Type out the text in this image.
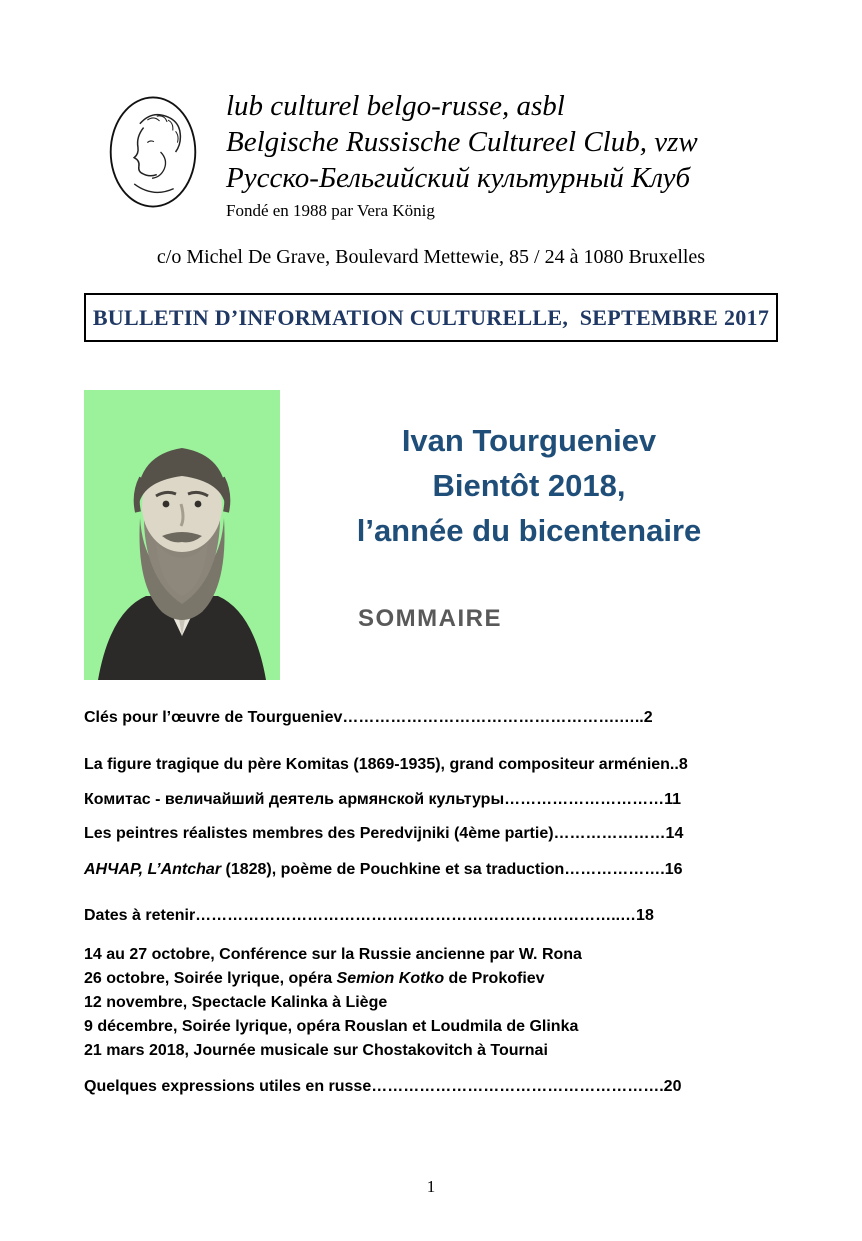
lub culturel belgo-russe, asbl
Belgische Russische Cultureel Club, vzw
Русско-Бельгийский культурный Клуб
Fondé en 1988 par Vera König
c/o Michel De Grave, Boulevard Mettewie, 85 / 24 à 1080 Bruxelles
BULLETIN D’INFORMATION CULTURELLE,  SEPTEMBRE 2017
Ivan Tourgueniev
Bientôt 2018,
l’année du bicentenaire
SOMMAIRE
Clés pour l’œuvre de Tourgueniev…………………………………………….…..2
La figure tragique du père Komitas (1869-1935), grand compositeur arménien..8
Комитас - величайший деятель армянской культуры…………………………11
Les peintres réalistes membres des Peredvijniki (4ème partie)…………………14
АНЧАР, L’Antchar (1828), poème de Pouchkine et sa traduction……………….16
Dates à retenir……………………………………………………………………..…18
14 au 27 octobre, Conférence sur la Russie ancienne par W. Rona
26 octobre, Soirée lyrique, opéra Semion Kotko de Prokofiev
12 novembre, Spectacle Kalinka à Liège
9 décembre, Soirée lyrique, opéra Rouslan et Loudmila de Glinka
21 mars 2018, Journée musicale sur Chostakovitch à Tournai
Quelques expressions utiles en russe……………………………………………….20
1
